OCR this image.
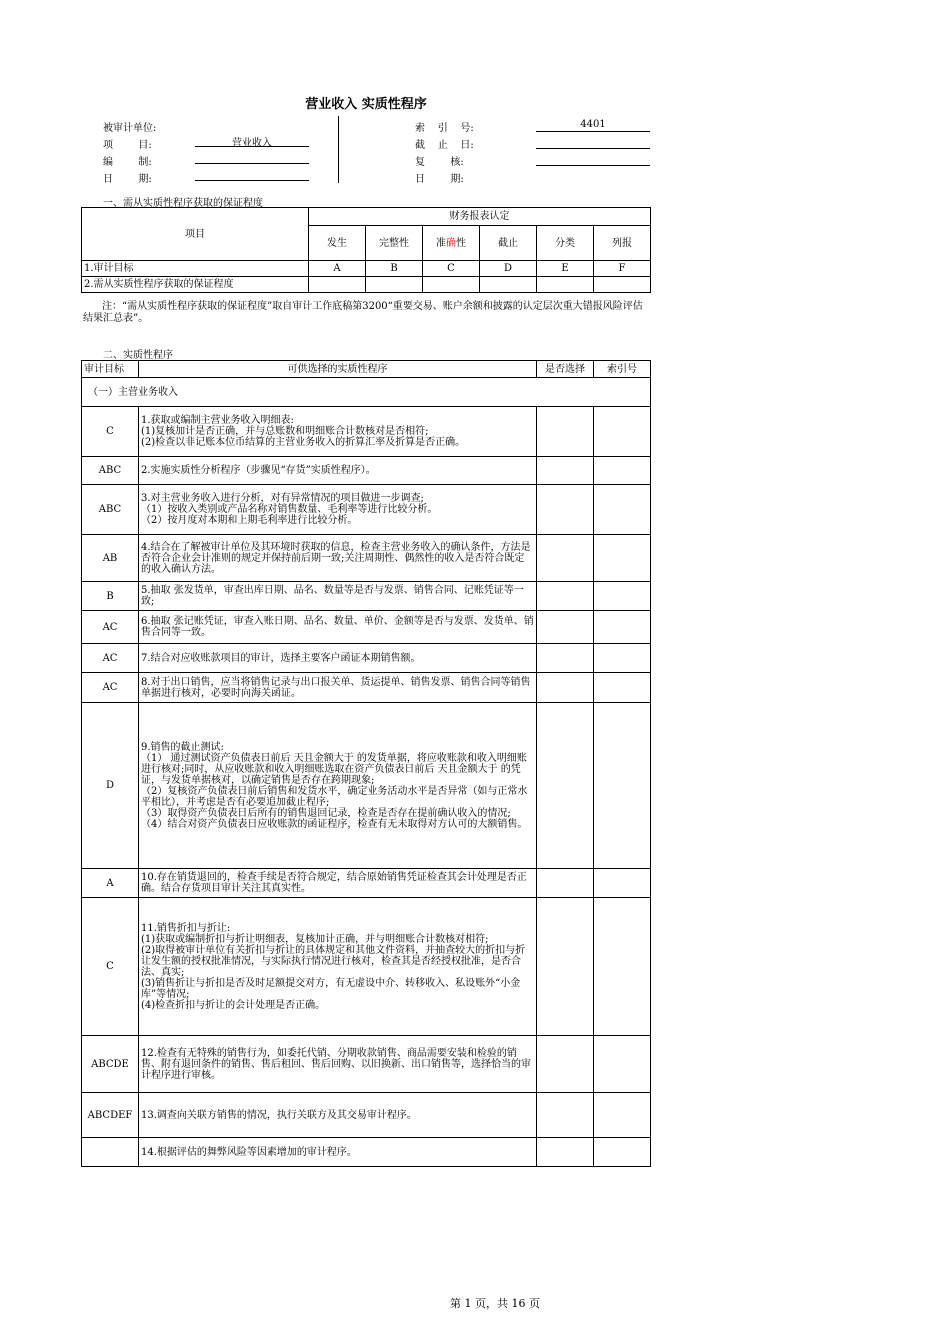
营业收入 实质性程序
被审计单位:
项        目:	营业收入
编        制:
日        期:
索    引    号:	4401
截    止    日:
复        核:
日        期:
一、需从实质性程序获取的保证程度
项目	财务报表认定					
	发生	完整性	准确性	截止	分类	列报
1.审计目标	A	B	C	D	E	F
2.需从实质性程序获取的保证程度						
注：“需从实质性程序获取的保证程度”取自审计工作底稿第3200“重要交易、账户余额和披露的认定层次重大错报风险评估结果汇总表”。
二、实质性程序
审计目标	可供选择的实质性程序	是否选择	索引号
（一）主营业务收入			
C	1.获取或编制主营业务收入明细表:
(1)复核加计是否正确，并与总账数和明细账合计数核对是否相符;
(2)检查以非记账本位币结算的主营业务收入的折算汇率及折算是否正确。		
ABC	2.实施实质性分析程序（步骤见“存货”实质性程序）。		
ABC	3.对主营业务收入进行分析，对有异常情况的项目做进一步调查;
（1）按收入类别或产品名称对销售数量、毛利率等进行比较分析。
（2）按月度对本期和上期毛利率进行比较分析。		
AB	4.结合在了解被审计单位及其环境时获取的信息，检查主营业务收入的确认条件，方法是否符合企业会计准则的规定并保持前后期一致;关注周期性、偶然性的收入是否符合既定的收入确认方法。		
B	5.抽取 张发货单，审查出库日期、品名、数量等是否与发票、销售合同、记账凭证等一致;		
AC	6.抽取 张记账凭证，审查入账日期、品名、数量、单价、金额等是否与发票、发货单、销售合同等一致。		
AC	7.结合对应收账款项目的审计，选择主要客户函证本期销售额。		
AC	8.对于出口销售，应当将销售记录与出口报关单、货运提单、销售发票、销售合同等销售单据进行核对，必要时向海关函证。		
D	9.销售的截止测试:
（1） 通过测试资产负债表日前后 天且金额大于 的发货单据，将应收账款和收入明细账进行核对;同时，从应收账款和收入明细账选取在资产负债表日前后 天且金额大于 的凭证，与发货单据核对，以确定销售是否存在跨期现象;
（2）复核资产负债表日前后销售和发货水平，确定业务活动水平是否异常（如与正常水平相比），并考虑是否有必要追加截止程序;
（3）取得资产负债表日后所有的销售退回记录，检查是否存在提前确认收入的情况;
（4）结合对资产负债表日应收账款的函证程序，检查有无未取得对方认可的大额销售。		
A	10.存在销货退回的，检查手续是否符合规定，结合原始销售凭证检查其会计处理是否正确。结合存货项目审计关注其真实性。		
C	11.销售折扣与折让:
(1)获取或编制折扣与折让明细表，复核加计正确，并与明细账合计数核对相符;
(2)取得被审计单位有关折扣与折让的具体规定和其他文件资料，并抽查较大的折扣与折让发生额的授权批准情况，与实际执行情况进行核对，检查其是否经授权批准，是否合法、真实;
(3)销售折让与折扣是否及时足额提交对方，有无虚设中介、转移收入、私设账外“小金库”等情况;
(4)检查折扣与折让的会计处理是否正确。		
ABCDE	12.检查有无特殊的销售行为，如委托代销、分期收款销售、商品需要安装和检验的销售、附有退回条件的销售、售后租回、售后回购、以旧换新、出口销售等，选择恰当的审计程序进行审核。		
ABCDEF	13.调查向关联方销售的情况，执行关联方及其交易审计程序。		
	14.根据评估的舞弊风险等因素增加的审计程序。		
第 1 页，共 16 页
